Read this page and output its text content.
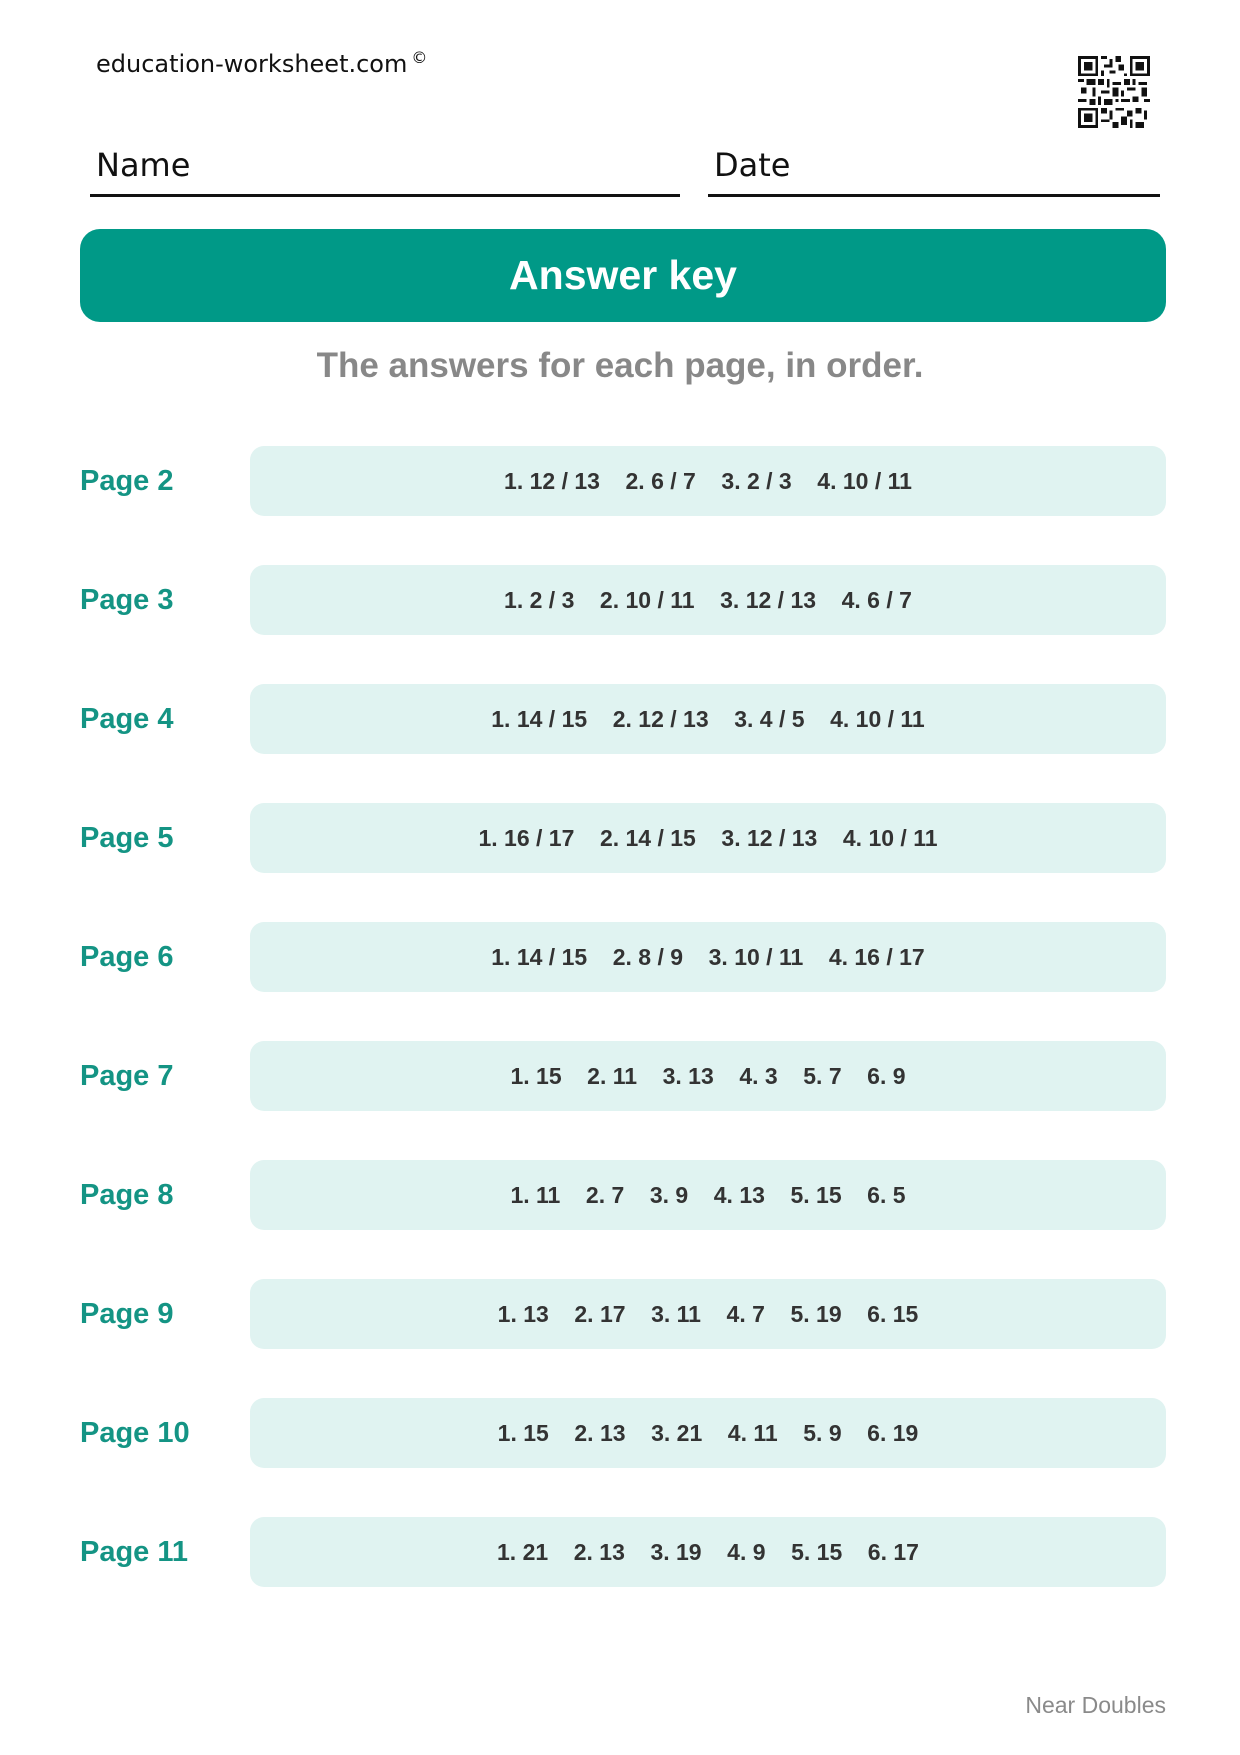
education-worksheet.com ©
Name	Date
Answer key
The answers for each page, in order.
Page 2	1. 12 / 13    2. 6 / 7    3. 2 / 3    4. 10 / 11
Page 3	1. 2 / 3    2. 10 / 11    3. 12 / 13    4. 6 / 7
Page 4	1. 14 / 15    2. 12 / 13    3. 4 / 5    4. 10 / 11
Page 5	1. 16 / 17    2. 14 / 15    3. 12 / 13    4. 10 / 11
Page 6	1. 14 / 15    2. 8 / 9    3. 10 / 11    4. 16 / 17
Page 7	1. 15    2. 11    3. 13    4. 3    5. 7    6. 9
Page 8	1. 11    2. 7    3. 9    4. 13    5. 15    6. 5
Page 9	1. 13    2. 17    3. 11    4. 7    5. 19    6. 15
Page 10	1. 15    2. 13    3. 21    4. 11    5. 9    6. 19
Page 11	1. 21    2. 13    3. 19    4. 9    5. 15    6. 17
Near Doubles
